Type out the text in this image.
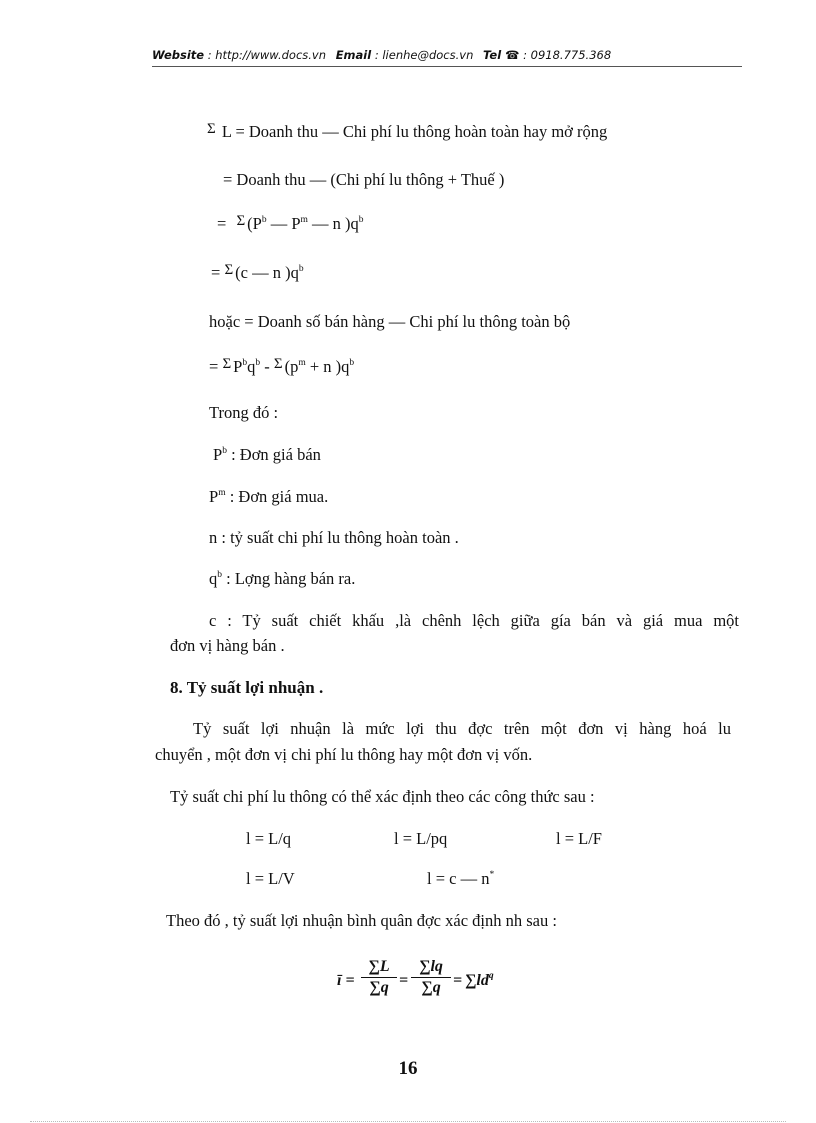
Website : http://www.docs.vn Email : lienhe@docs.vn Tel ☎ : 0918.775.368
Σ L = Doanh thu — Chi phí lu thông hoàn toàn hay mở rộng
= Doanh thu — (Chi phí lu thông + Thuế )
= Σ ($P^b$ — $P^m$ — n )$q^b$
= Σ (c — n )$q^b$
hoặc = Doanh số bán hàng — Chi phí lu thông toàn bộ
= Σ $P^bq^b$ - Σ ($p^m + n$ )$q^b$
Trong đó :
$P^b$ : Đơn giá bán
$P^m$ : Đơn giá mua.
n : tỷ suất chi phí lu thông hoàn toàn .
$q^b$ : Lợng hàng bán ra.
c : Tỷ suất chiết khấu ,là chênh lệch giữa gía bán và giá mua một
đơn vị hàng bán .
8. Tỷ suất lợi nhuận .
Tỷ suất lợi nhuận là mức lợi thu đợc trên một đơn vị hàng hoá lu
chuyển , một đơn vị chi phí lu thông hay một đơn vị vốn.
Tỷ suất chi phí lu thông có thể xác định theo các công thức sau :
l = L/q	l = L/pq	l = L/F
l = L/V	l = c — n*
Theo đó , tỷ suất lợi nhuận bình quân đợc xác định nh sau :
ī =
∑L
∑q =
∑lq
$\sum q = \sum ld^q$
16
